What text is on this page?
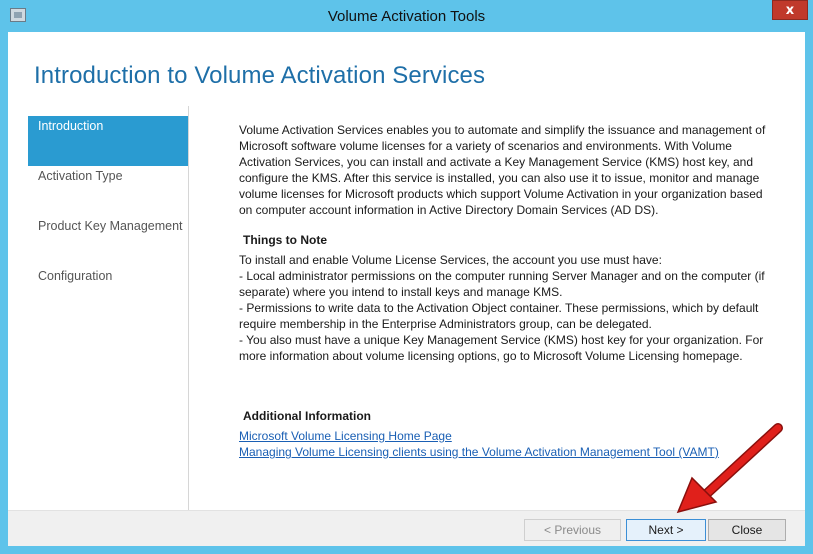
Volume Activation Tools	x
Introduction to Volume Activation Services
Introduction
Activation Type
Product Key Management
Configuration

Volume Activation Services enables you to automate and simplify the issuance and management of Microsoft software volume licenses for a variety of scenarios and environments. With Volume Activation Services, you can install and activate a Key Management Service (KMS) host key, and configure the KMS. After this service is installed, you can also use it to issue, monitor and manage volume licenses for Microsoft products which support Volume Activation in your organization based on computer account information in Active Directory Domain Services (AD DS).

Things to Note

To install and enable Volume License Services, the account you use must have:

- Local administrator permissions on the computer running Server Manager and on the computer (if separate) where you intend to install keys and manage KMS.

- Permissions to write data to the Activation Object container. These permissions, which by default require membership in the Enterprise Administrators group, can be delegated.

- You also must have a unique Key Management Service (KMS) host key for your organization. For more information about volume licensing options, go to Microsoft Volume Licensing homepage.

Additional Information
Microsoft Volume Licensing Home Page
Managing Volume Licensing clients using the Volume Activation Management Tool (VAMT)
< Previous	Next >	Close
